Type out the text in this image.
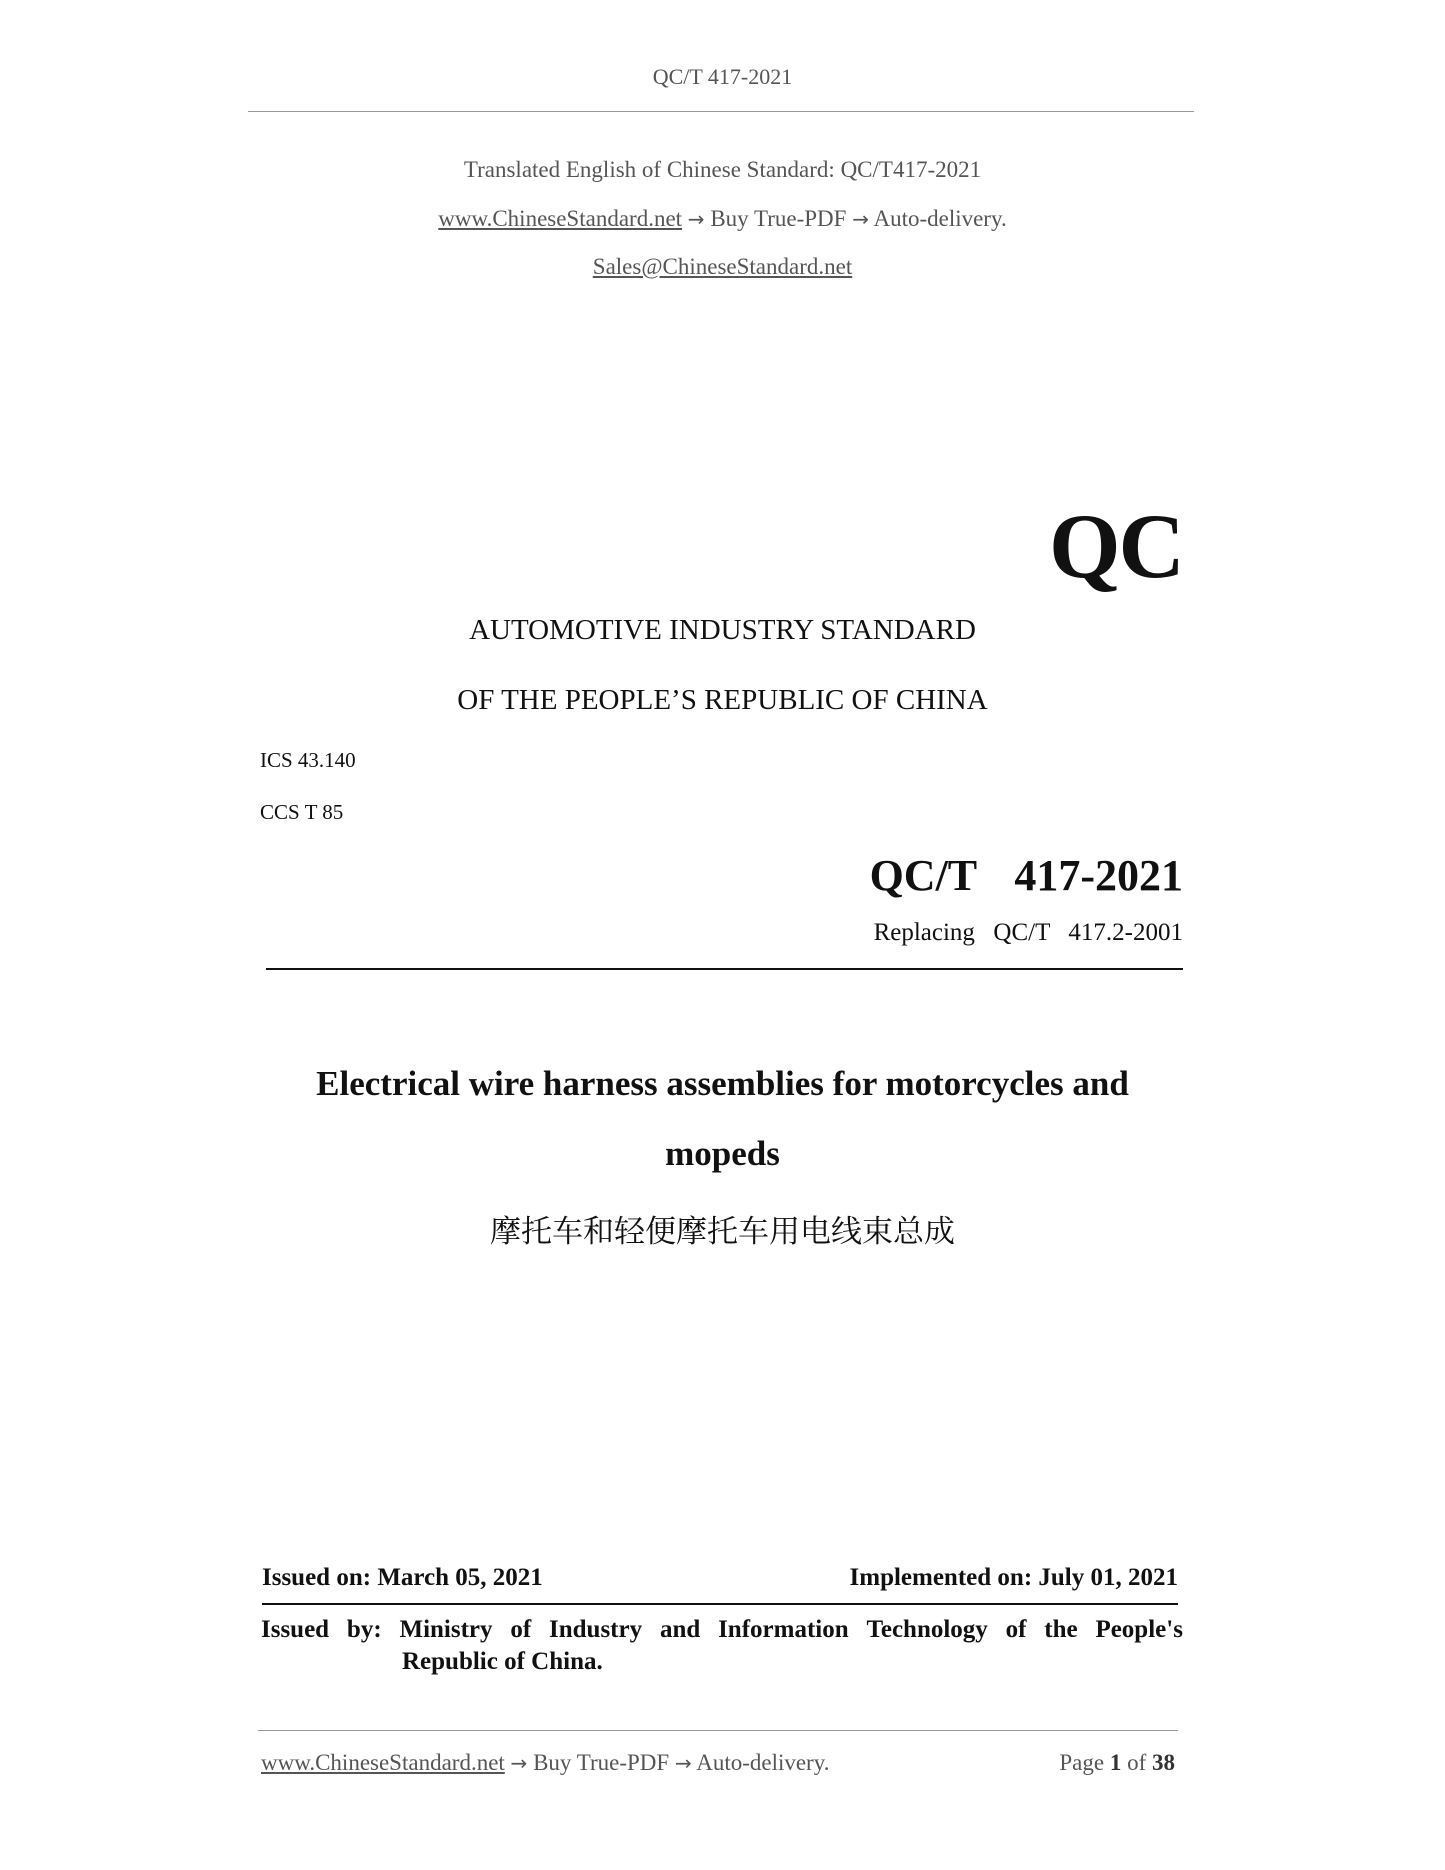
QC/T 417-2021
Translated English of Chinese Standard: QC/T417-2021
www.ChineseStandard.net → Buy True-PDF → Auto-delivery.
Sales@ChineseStandard.net
QC
AUTOMOTIVE INDUSTRY STANDARD
OF THE PEOPLE’S REPUBLIC OF CHINA
ICS 43.140
CCS T 85
QC/T  417-2021
Replacing  QC/T  417.2-2001
Electrical wire harness assemblies for motorcycles and
mopeds
摩托车和轻便摩托车用电线束总成
Issued on: March 05, 2021	Implemented on: July 01, 2021
Issued by: Ministry of Industry and Information Technology of the People's
Republic of China.
www.ChineseStandard.net → Buy True-PDF → Auto-delivery.	Page 1 of 38
